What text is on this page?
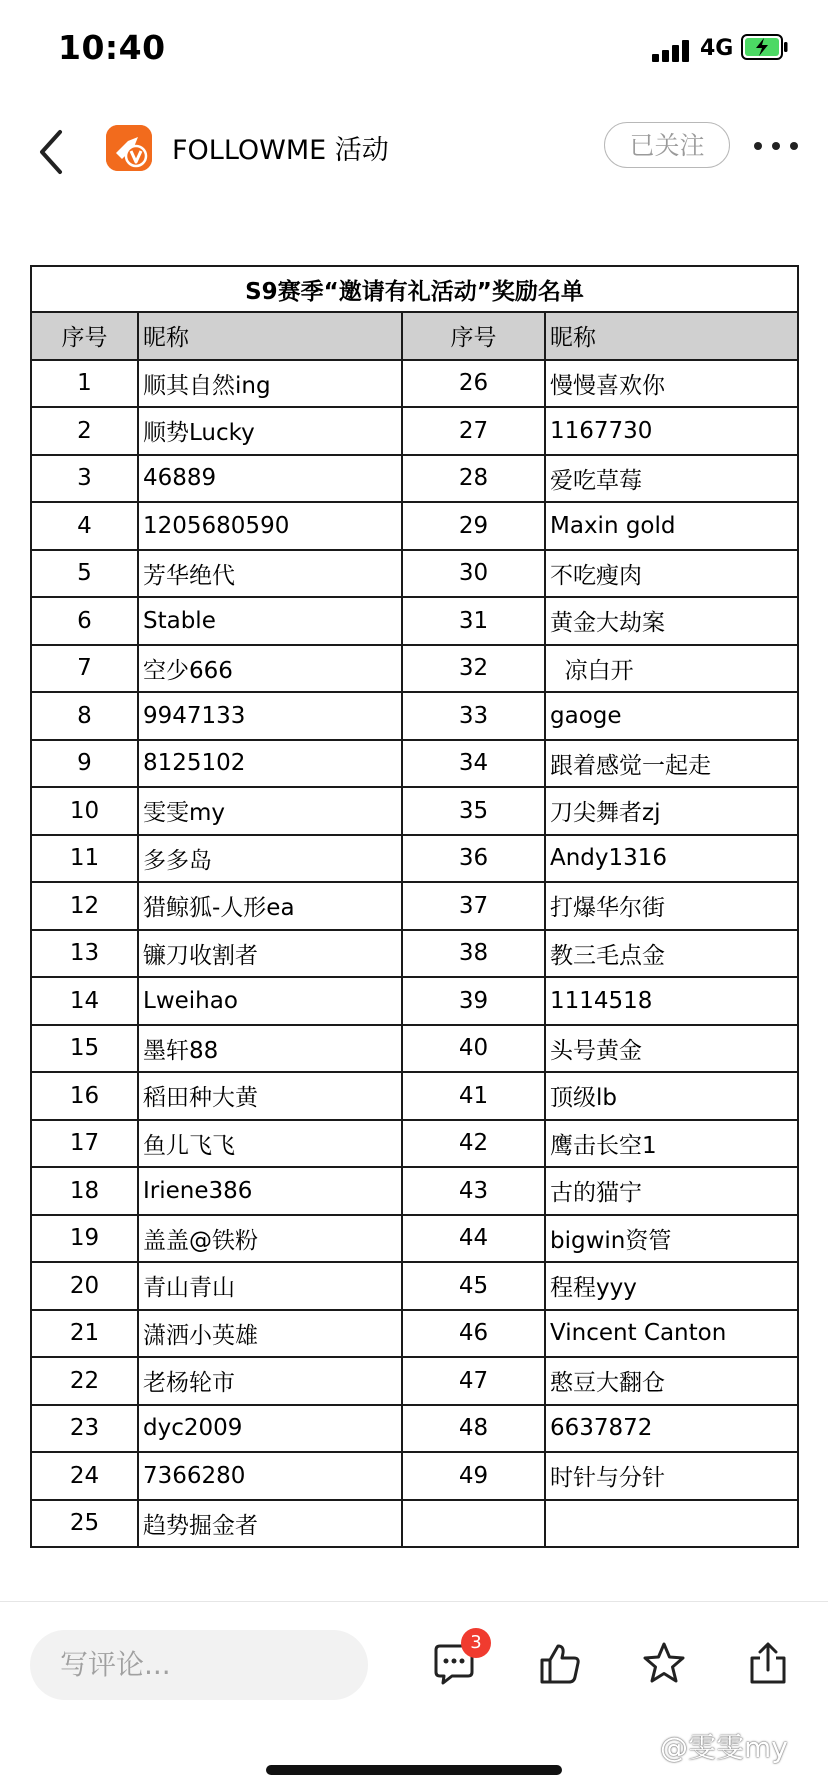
10:40	4G
FOLLOWME 活动	已关注
S9赛季“邀请有礼活动”奖励名单			
序号	昵称	序号	昵称
1	顺其自然ing	26	慢慢喜欢你
2	顺势Lucky	27	1167730
3	46889	28	爱吃草莓
4	1205680590	29	Maxin gold
5	芳华绝代	30	不吃瘦肉
6	Stable	31	黄金大劫案
7	空少666	32	凉白开
8	9947133	33	gaoge
9	8125102	34	跟着感觉一起走
10	雯雯my	35	刀尖舞者zj
11	多多岛	36	Andy1316
12	猎鲸狐-人形ea	37	打爆华尔街
13	镰刀收割者	38	教三毛点金
14	Lweihao	39	1114518
15	墨轩88	40	头号黄金
16	稻田种大黄	41	顶级lb
17	鱼儿飞飞	42	鹰击长空1
18	Iriene386	43	古的猫宁
19	盖盖@铁粉	44	bigwin资管
20	青山青山	45	程程yyy
21	潇洒小英雄	46	Vincent Canton
22	老杨轮市	47	憨豆大翻仓
23	dyc2009	48	6637872
24	7366280	49	时针与分针
25	趋势掘金者		
写评论...
3
@雯雯my
